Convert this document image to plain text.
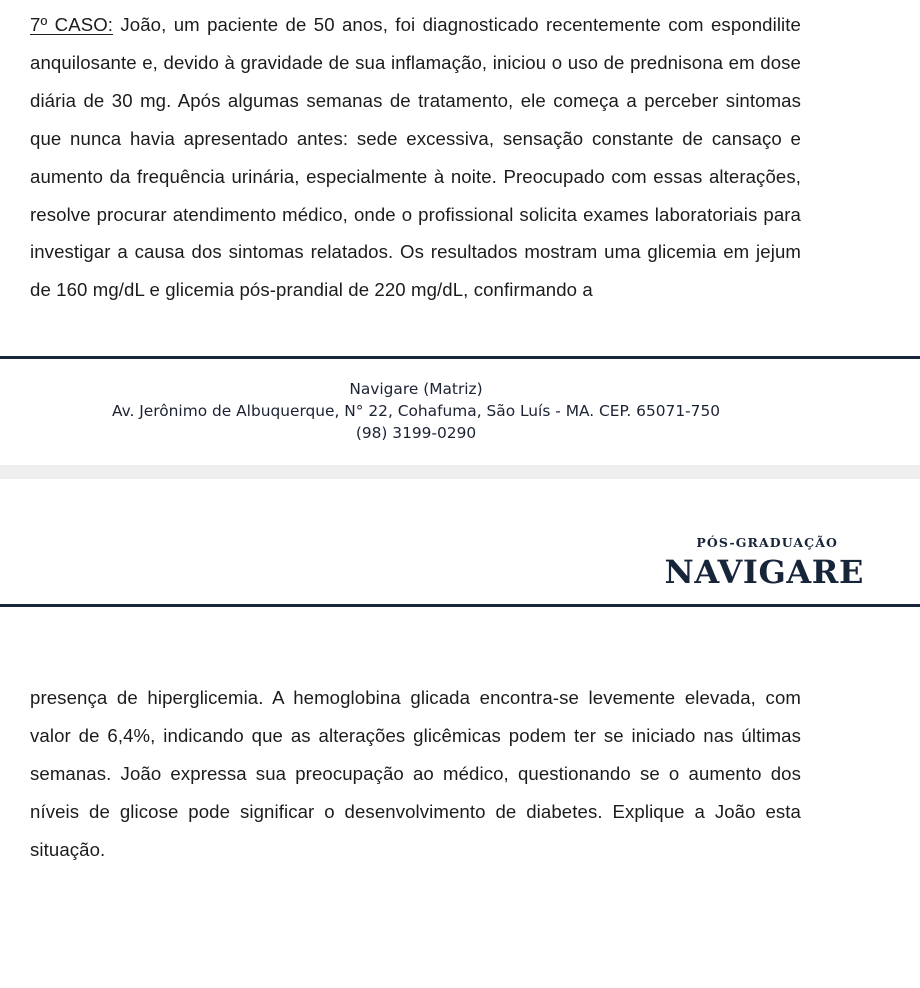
7º CASO: João, um paciente de 50 anos, foi diagnosticado recentemente com espondilite anquilosante e, devido à gravidade de sua inflamação, iniciou o uso de prednisona em dose diária de 30 mg. Após algumas semanas de tratamento, ele começa a perceber sintomas que nunca havia apresentado antes: sede excessiva, sensação constante de cansaço e aumento da frequência urinária, especialmente à noite. Preocupado com essas alterações, resolve procurar atendimento médico, onde o profissional solicita exames laboratoriais para investigar a causa dos sintomas relatados. Os resultados mostram uma glicemia em jejum de 160 mg/dL e glicemia pós-prandial de 220 mg/dL, confirmando a

Navigare (Matriz)
Av. Jerônimo de Albuquerque, N° 22, Cohafuma, São Luís - MA. CEP. 65071-750
(98) 3199-0290
PÓS-GRADUAÇÃO
NAVIGARE

presença de hiperglicemia. A hemoglobina glicada encontra-se levemente elevada, com valor de 6,4%, indicando que as alterações glicêmicas podem ter se iniciado nas últimas semanas. João expressa sua preocupação ao médico, questionando se o aumento dos níveis de glicose pode significar o desenvolvimento de diabetes. Explique a João esta situação.
